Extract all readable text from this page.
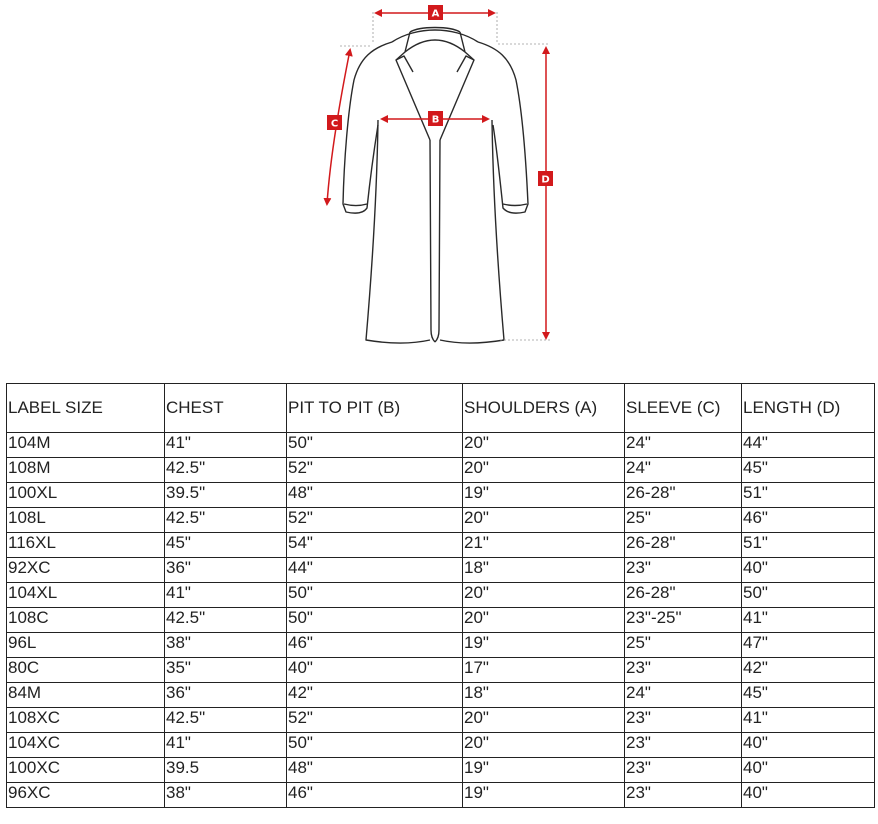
A
B
C
D
LABEL SIZE	CHEST	PIT TO PIT (B)	SHOULDERS (A)	SLEEVE (C)	LENGTH (D)
104M	41"	50"	20"	24"	44"
108M	42.5"	52"	20"	24"	45"
100XL	39.5"	48"	19"	26-28"	51"
108L	42.5"	52"	20"	25"	46"
116XL	45"	54"	21"	26-28"	51"
92XC	36"	44"	18"	23"	40"
104XL	41"	50"	20"	26-28"	50"
108C	42.5"	50"	20"	23"-25"	41"
96L	38"	46"	19"	25"	47"
80C	35"	40"	17"	23"	42"
84M	36"	42"	18"	24"	45"
108XC	42.5"	52"	20"	23"	41"
104XC	41"	50"	20"	23"	40"
100XC	39.5	48"	19"	23"	40"
96XC	38"	46"	19"	23"	40"
